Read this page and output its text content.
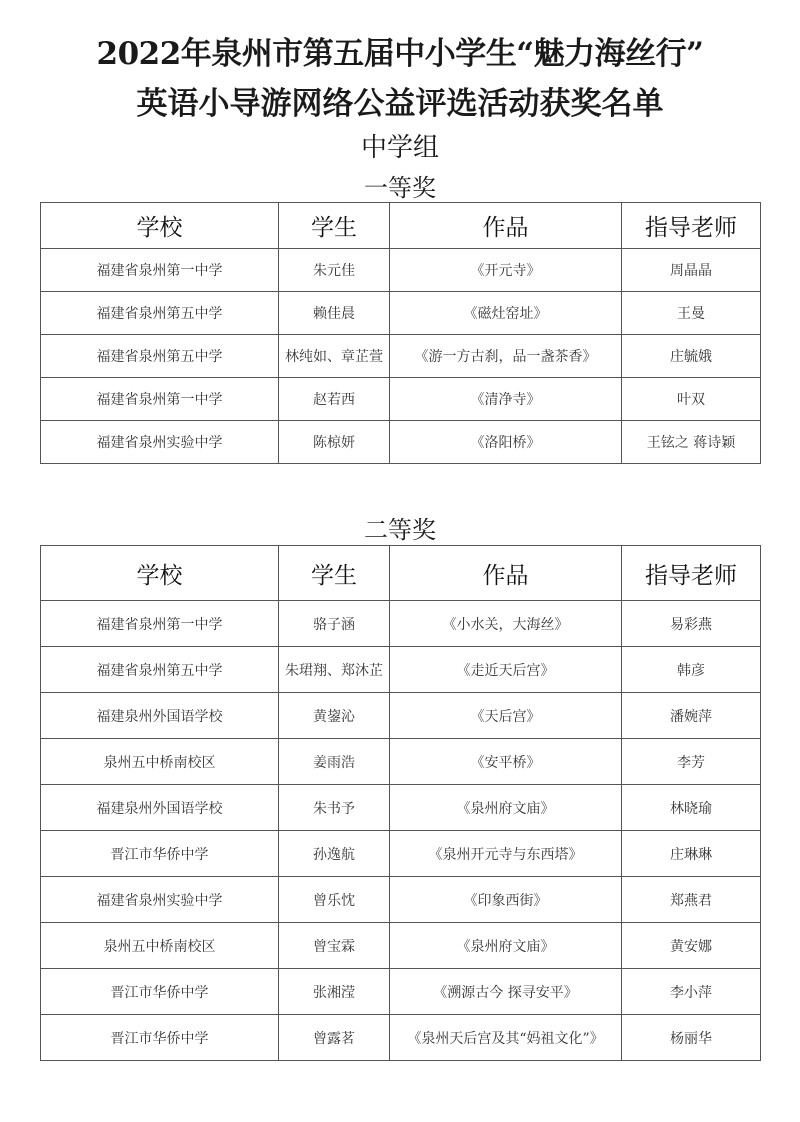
2022年泉州市第五届中小学生“魅力海丝行”
英语小导游网络公益评选活动获奖名单
中学组
一等奖
学校	学生	作品	指导老师
福建省泉州第一中学	朱元佳	《开元寺》	周晶晶
福建省泉州第五中学	赖佳晨	《磁灶窑址》	王曼
福建省泉州第五中学	林纯如、章芷萱	《游一方古刹，品一盏茶香》	庄毓娥
福建省泉州第一中学	赵若西	《清净寺》	叶双
福建省泉州实验中学	陈椋妍	《洛阳桥》	王铉之 蒋诗颖
二等奖
学校	学生	作品	指导老师
福建省泉州第一中学	骆子涵	《小水关，大海丝》	易彩燕
福建省泉州第五中学	朱珺翔、郑沐芷	《走近天后宫》	韩彦
福建泉州外国语学校	黄鋆沁	《天后宫》	潘婉萍
泉州五中桥南校区	姜雨浩	《安平桥》	李芳
福建泉州外国语学校	朱书予	《泉州府文庙》	林晓瑜
晋江市华侨中学	孙逸航	《泉州开元寺与东西塔》	庄琳琳
福建省泉州实验中学	曾乐忱	《印象西街》	郑燕君
泉州五中桥南校区	曾宝霖	《泉州府文庙》	黄安娜
晋江市华侨中学	张湘滢	《溯源古今 探寻安平》	李小萍
晋江市华侨中学	曾露茗	《泉州天后宫及其“妈祖文化”》	杨丽华
